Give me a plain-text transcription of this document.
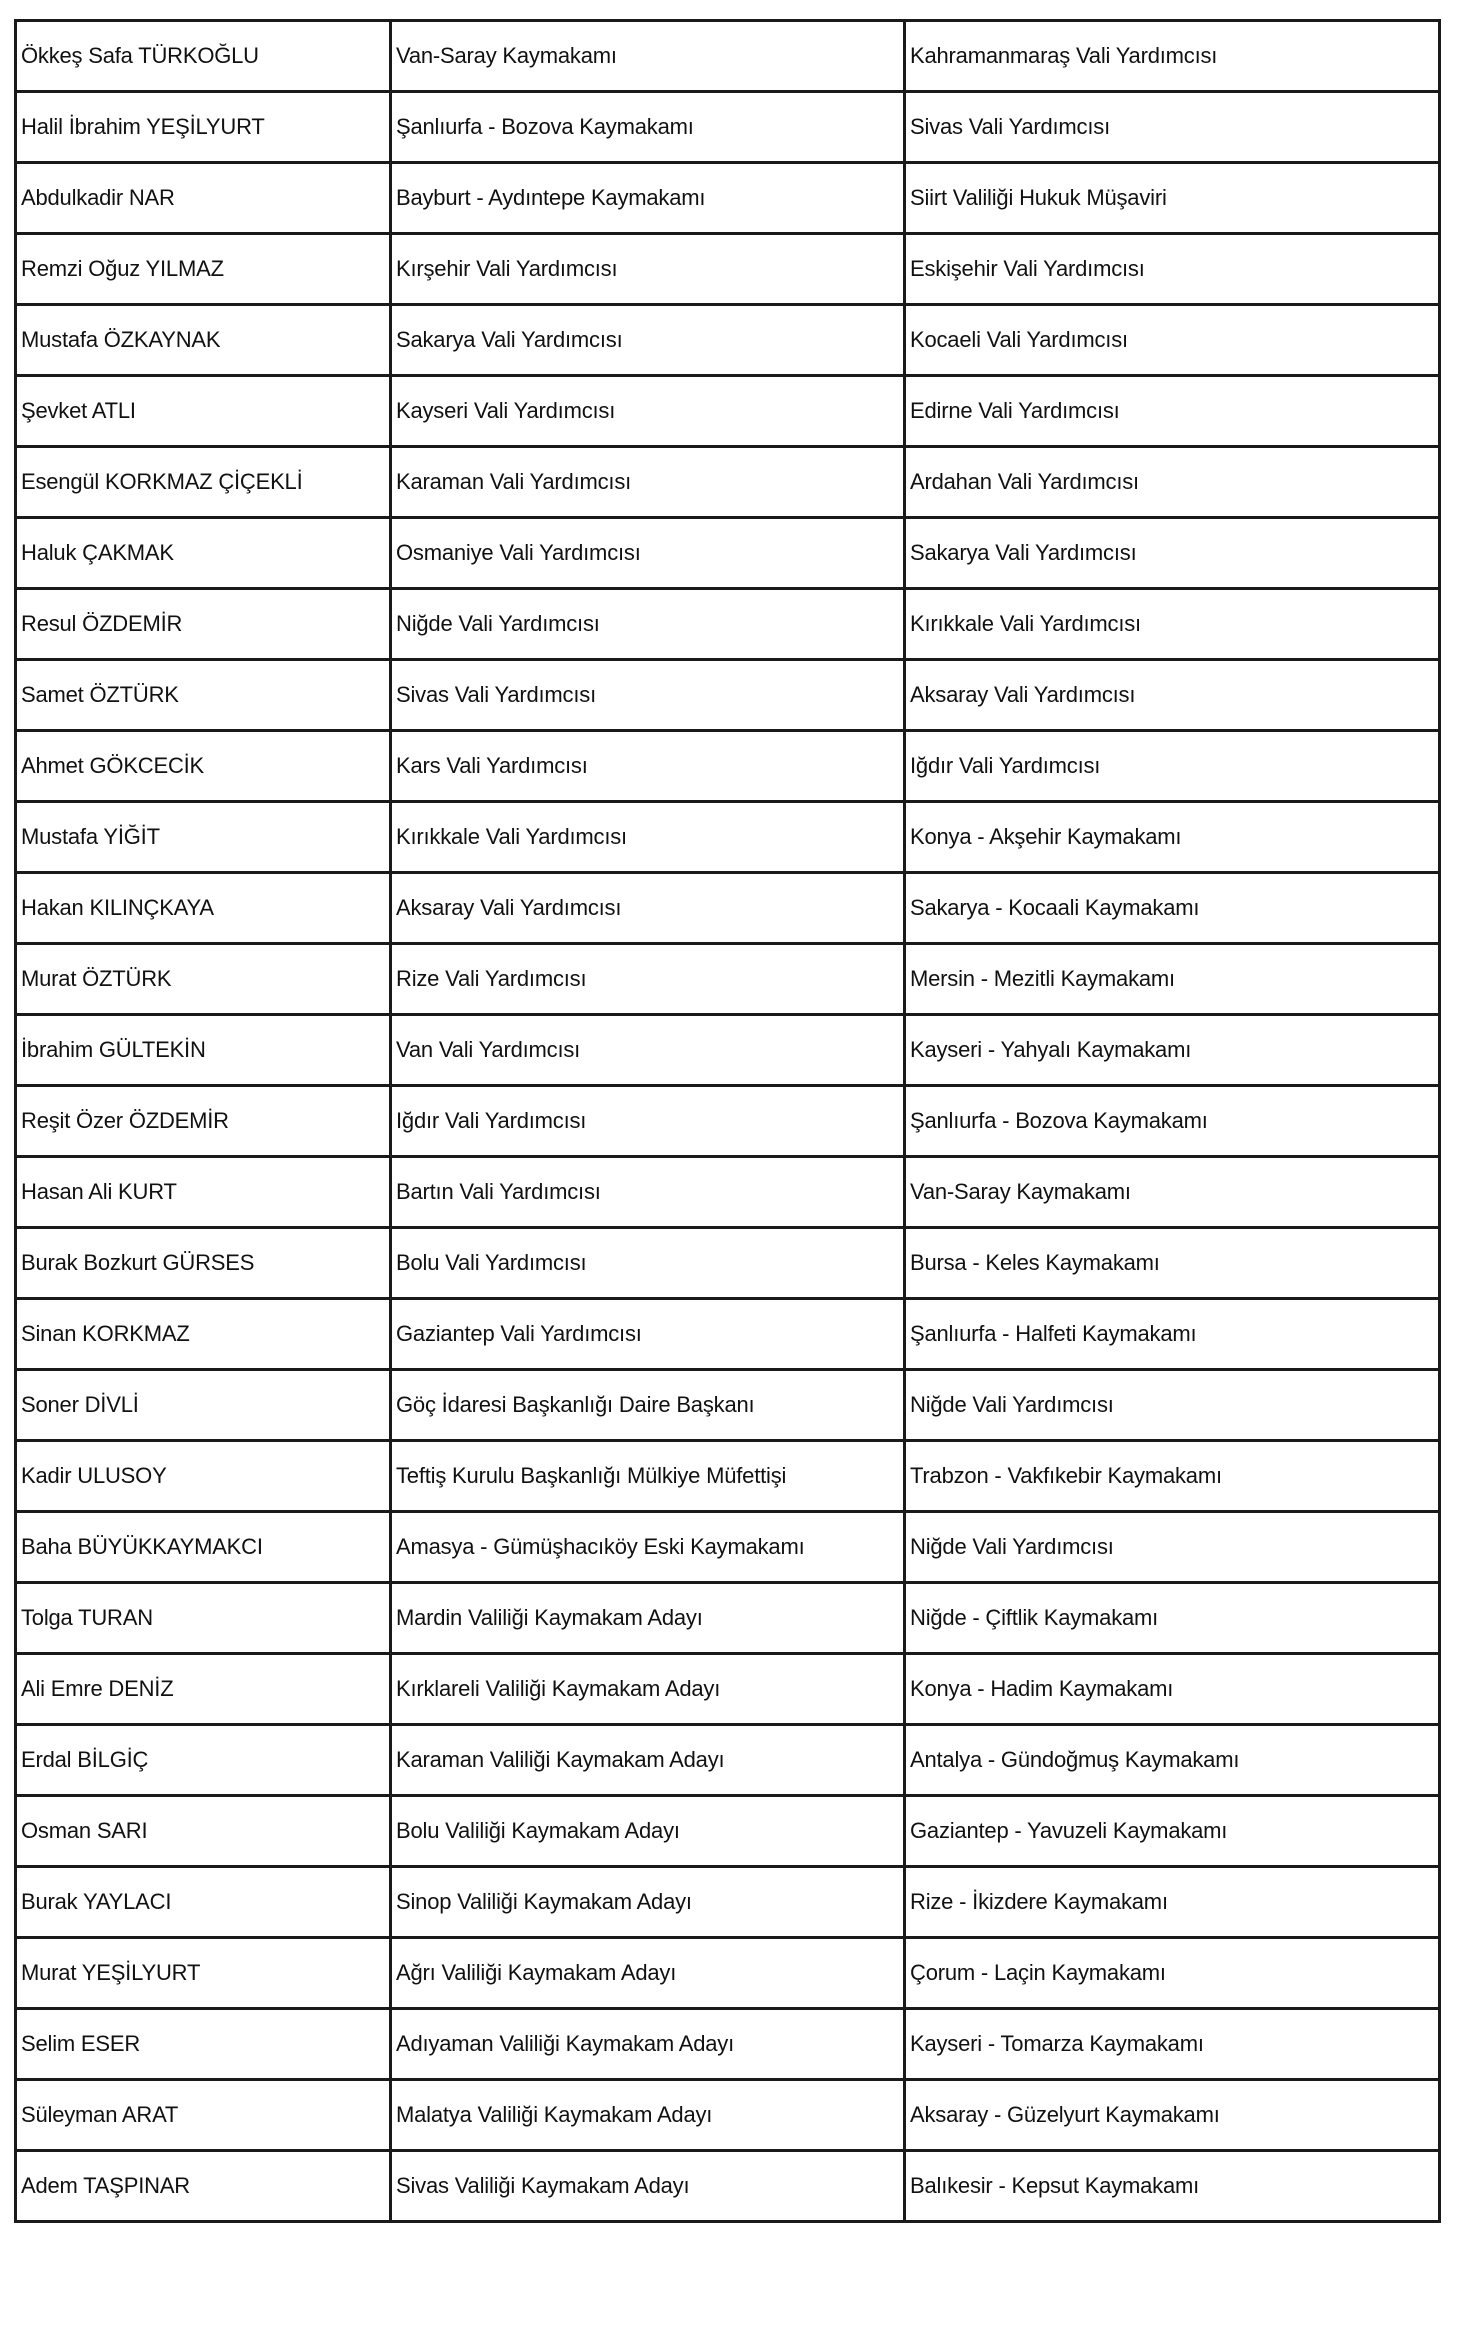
Ökkeş Safa TÜRKOĞLU	Van-Saray Kaymakamı	Kahramanmaraş Vali Yardımcısı
Halil İbrahim YEŞİLYURT	Şanlıurfa - Bozova Kaymakamı	Sivas Vali Yardımcısı
Abdulkadir NAR	Bayburt - Aydıntepe Kaymakamı	Siirt Valiliği Hukuk Müşaviri
Remzi Oğuz YILMAZ	Kırşehir Vali Yardımcısı	Eskişehir Vali Yardımcısı
Mustafa ÖZKAYNAK	Sakarya Vali Yardımcısı	Kocaeli Vali Yardımcısı
Şevket ATLI	Kayseri Vali Yardımcısı	Edirne Vali Yardımcısı
Esengül KORKMAZ ÇİÇEKLİ	Karaman Vali Yardımcısı	Ardahan Vali Yardımcısı
Haluk ÇAKMAK	Osmaniye Vali Yardımcısı	Sakarya Vali Yardımcısı
Resul ÖZDEMİR	Niğde Vali Yardımcısı	Kırıkkale Vali Yardımcısı
Samet ÖZTÜRK	Sivas Vali Yardımcısı	Aksaray Vali Yardımcısı
Ahmet GÖKCECİK	Kars Vali Yardımcısı	Iğdır Vali Yardımcısı
Mustafa YİĞİT	Kırıkkale Vali Yardımcısı	Konya - Akşehir Kaymakamı
Hakan KILINÇKAYA	Aksaray Vali Yardımcısı	Sakarya - Kocaali Kaymakamı
Murat ÖZTÜRK	Rize Vali Yardımcısı	Mersin - Mezitli Kaymakamı
İbrahim GÜLTEKİN	Van Vali Yardımcısı	Kayseri - Yahyalı Kaymakamı
Reşit Özer ÖZDEMİR	Iğdır Vali Yardımcısı	Şanlıurfa - Bozova Kaymakamı
Hasan Ali KURT	Bartın Vali Yardımcısı	Van-Saray Kaymakamı
Burak Bozkurt GÜRSES	Bolu Vali Yardımcısı	Bursa - Keles Kaymakamı
Sinan KORKMAZ	Gaziantep Vali Yardımcısı	Şanlıurfa - Halfeti Kaymakamı
Soner DİVLİ	Göç İdaresi Başkanlığı Daire Başkanı	Niğde Vali Yardımcısı
Kadir ULUSOY	Teftiş Kurulu Başkanlığı Mülkiye Müfettişi	Trabzon - Vakfıkebir Kaymakamı
Baha BÜYÜKKAYMAKCI	Amasya - Gümüşhacıköy Eski Kaymakamı	Niğde Vali Yardımcısı
Tolga TURAN	Mardin Valiliği Kaymakam Adayı	Niğde - Çiftlik Kaymakamı
Ali Emre DENİZ	Kırklareli Valiliği Kaymakam Adayı	Konya - Hadim Kaymakamı
Erdal BİLGİÇ	Karaman Valiliği Kaymakam Adayı	Antalya - Gündoğmuş Kaymakamı
Osman SARI	Bolu Valiliği Kaymakam Adayı	Gaziantep - Yavuzeli Kaymakamı
Burak YAYLACI	Sinop Valiliği Kaymakam Adayı	Rize - İkizdere Kaymakamı
Murat YEŞİLYURT	Ağrı Valiliği Kaymakam Adayı	Çorum - Laçin Kaymakamı
Selim ESER	Adıyaman Valiliği Kaymakam Adayı	Kayseri - Tomarza Kaymakamı
Süleyman ARAT	Malatya Valiliği Kaymakam Adayı	Aksaray - Güzelyurt Kaymakamı
Adem TAŞPINAR	Sivas Valiliği Kaymakam Adayı	Balıkesir - Kepsut Kaymakamı
